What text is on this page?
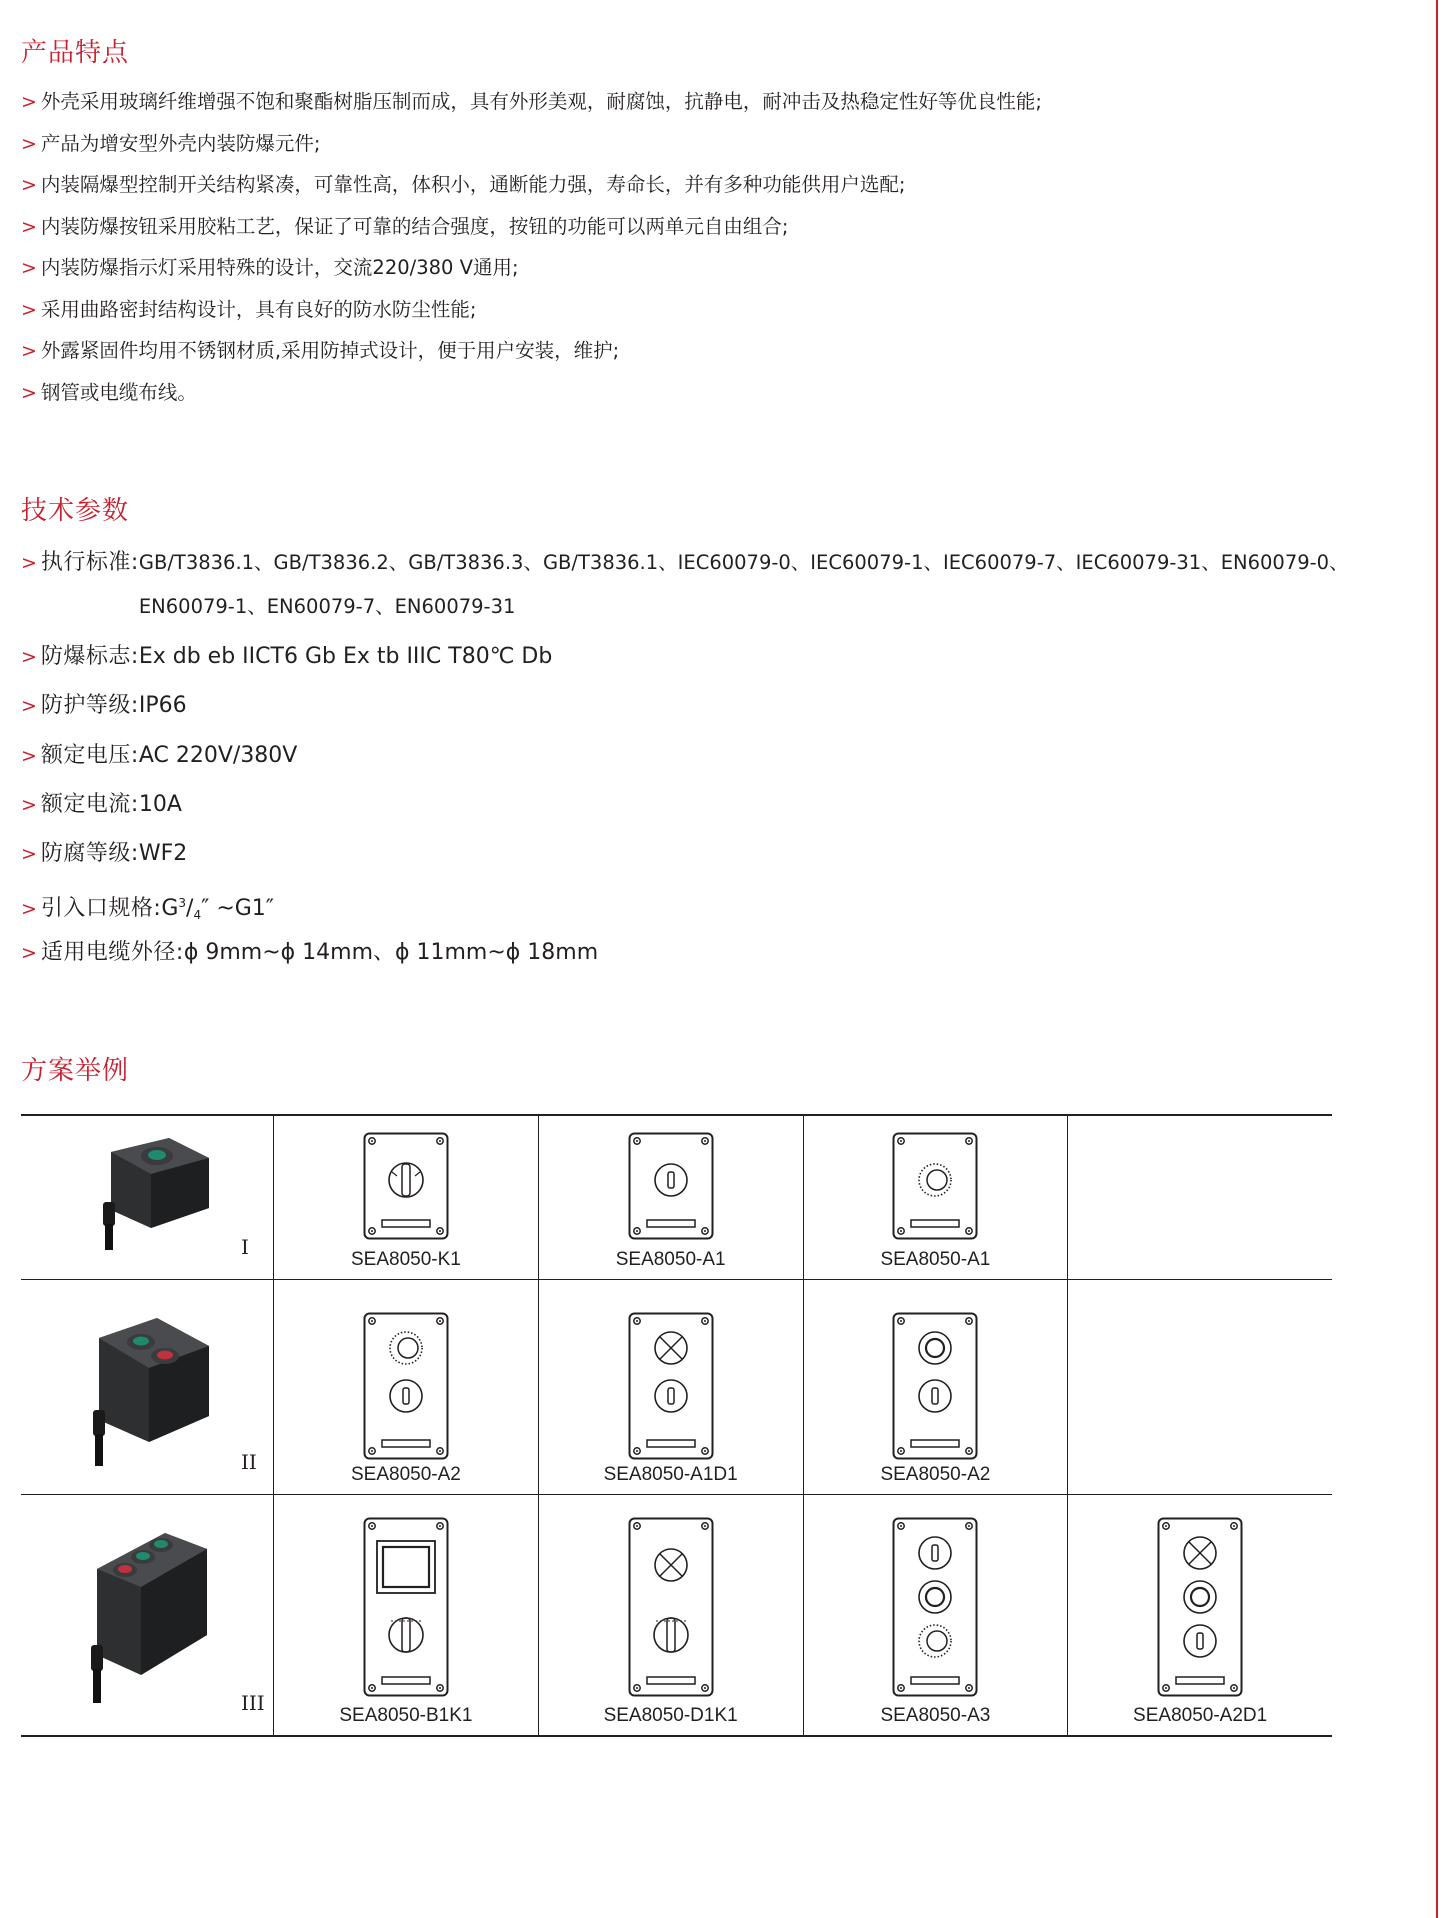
产品特点
> 外壳采用玻璃纤维增强不饱和聚酯树脂压制而成，具有外形美观，耐腐蚀，抗静电，耐冲击及热稳定性好等优良性能;
> 产品为增安型外壳内装防爆元件;
> 内装隔爆型控制开关结构紧凑，可靠性高，体积小，通断能力强，寿命长，并有多种功能供用户选配;
> 内装防爆按钮采用胶粘工艺，保证了可靠的结合强度，按钮的功能可以两单元自由组合;
> 内装防爆指示灯采用特殊的设计，交流220/380 V通用;
> 采用曲路密封结构设计，具有良好的防水防尘性能;
> 外露紧固件均用不锈钢材质,采用防掉式设计，便于用户安装，维护;
> 钢管或电缆布线。
技术参数
> 执行标准: GB/T3836.1、GB/T3836.2、GB/T3836.3、GB/T3836.1、IEC60079-0、IEC60079-1、IEC60079-7、IEC60079-31、EN60079-0、
EN60079-1、EN60079-7、EN60079-31
> 防爆标志:Ex db eb IICT6 Gb Ex tb IIIC T80℃ Db
> 防护等级:IP66
> 额定电压:AC 220V/380V
> 额定电流:10A
> 防腐等级:WF2
> 引入口规格$:G^3/_4''$ ~G1″
> 适用电缆外径:ϕ 9mm~ϕ 14mm、ϕ 11mm~ϕ 18mm
方案举例
I	SEA8050-K1	SEA8050-A1	SEA8050-A1	

II	SEA8050-A2	SEA8050-A1D1	SEA8050-A2	

III	SEA8050-B1K1	SEA8050-D1K1	SEA8050-A3	SEA8050-A2D1
